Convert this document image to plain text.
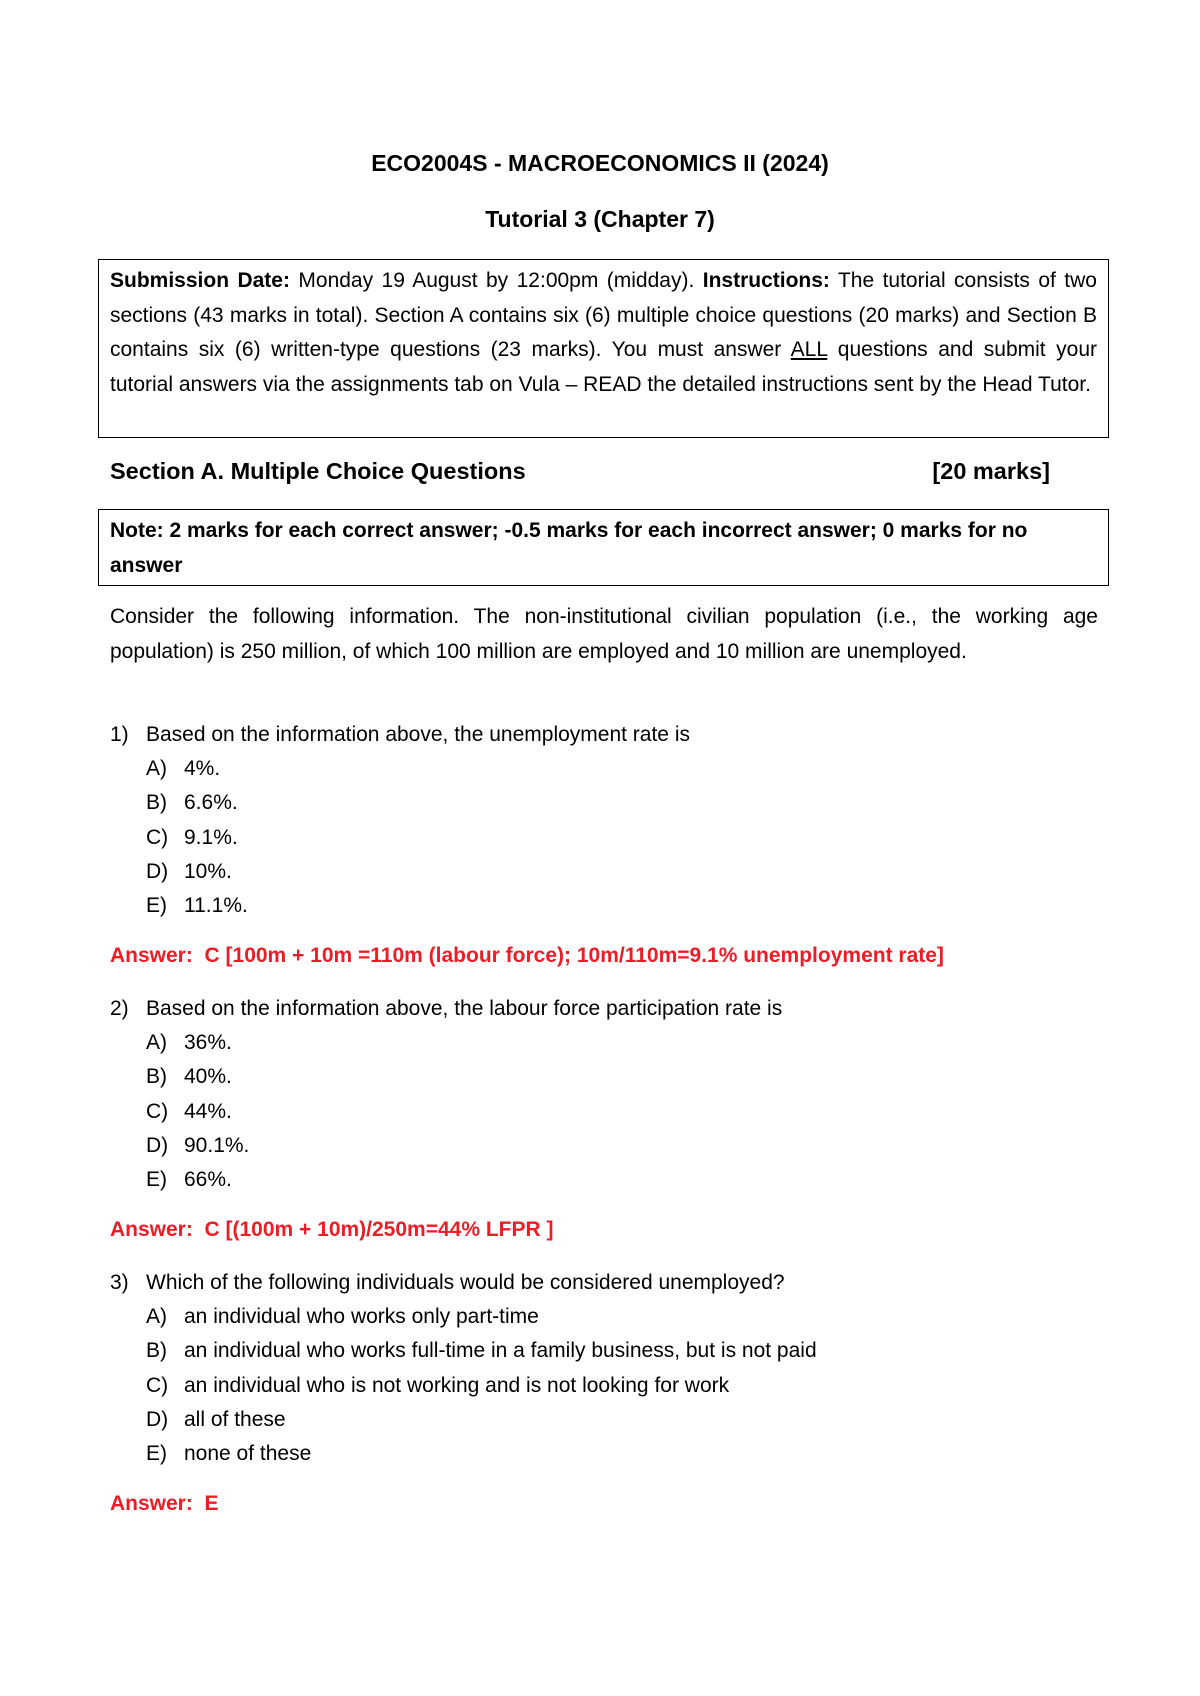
ECO2004S - MACROECONOMICS II (2024)
Tutorial 3 (Chapter 7)
Submission Date: Monday 19 August by 12:00pm (midday). Instructions: The tutorial consists of two sections (43 marks in total). Section A contains six (6) multiple choice questions (20 marks) and Section B contains six (6) written-type questions (23 marks). You must answer ALL questions and submit your tutorial answers via the assignments tab on Vula – READ the detailed instructions sent by the Head Tutor.
Section A. Multiple Choice Questions	[20 marks]
Note: 2 marks for each correct answer; -0.5 marks for each incorrect answer; 0 marks for no answer
Consider the following information. The non-institutional civilian population (i.e., the working age population) is 250 million, of which 100 million are employed and 10 million are unemployed.
1) Based on the information above, the unemployment rate is
A) 4%.
B) 6.6%.
C) 9.1%.
D) 10%.
E) 11.1%.
Answer:  C [100m + 10m =110m (labour force); 10m/110m=9.1% unemployment rate]
2) Based on the information above, the labour force participation rate is
A) 36%.
B) 40%.
C) 44%.
D) 90.1%.
E) 66%.
Answer:  C [(100m + 10m)/250m=44% LFPR ]
3) Which of the following individuals would be considered unemployed?
A) an individual who works only part-time
B) an individual who works full-time in a family business, but is not paid
C) an individual who is not working and is not looking for work
D) all of these
E) none of these
Answer:  E
